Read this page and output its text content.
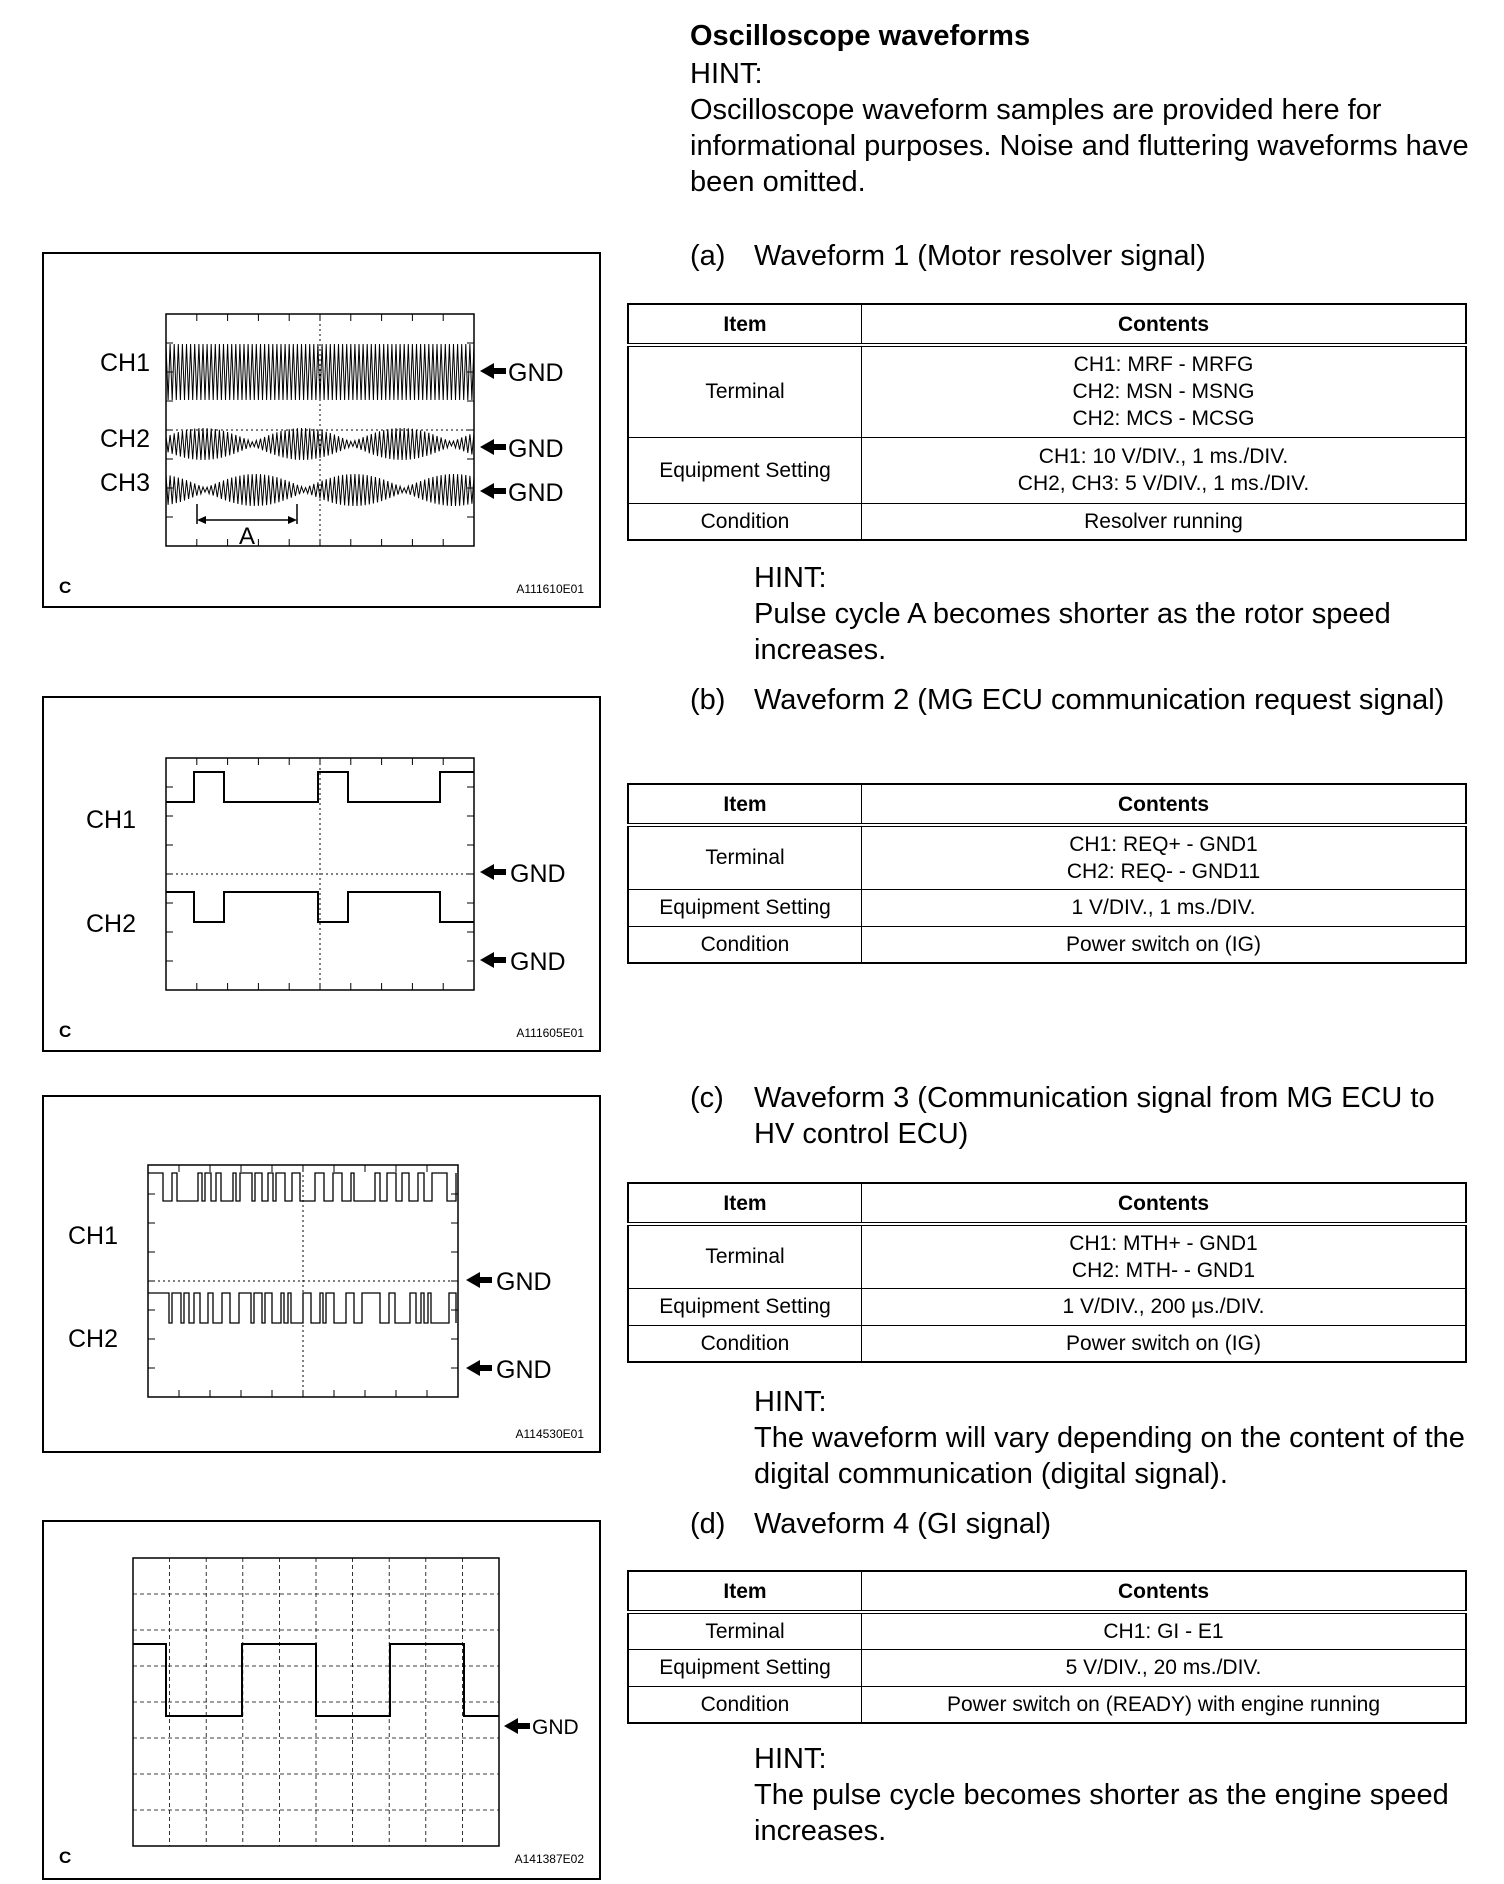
Oscilloscope waveforms
HINT:
Oscilloscope waveform samples are provided here for informational purposes. Noise and fluttering waveforms have been omitted.
(a) Waveform 1 (Motor resolver signal)
Item	Contents
Terminal	CH1: MRF - MRFG
CH2: MSN - MSNG
CH2: MCS - MCSG

Equipment Setting	CH1: 10 V/DIV., 1 ms./DIV.
CH2, CH3: 5 V/DIV., 1 ms./DIV.

Condition	Resolver running
HINT:
Pulse cycle A becomes shorter as the rotor speed increases.
(b) Waveform 2 (MG ECU communication request signal)
Item	Contents
Terminal	CH1: REQ+ - GND1
CH2: REQ- - GND11

Equipment Setting	1 V/DIV., 1 ms./DIV.
Condition	Power switch on (IG)
(c) Waveform 3 (Communication signal from MG ECU to HV control ECU)
Item	Contents
Terminal	CH1: MTH+ - GND1
CH2: MTH- - GND1

Equipment Setting	1 V/DIV., 200 µs./DIV.
Condition	Power switch on (IG)
HINT:
The waveform will vary depending on the content of the digital communication (digital signal).
(d) Waveform 4 (GI signal)
Item	Contents
Terminal	CH1: GI - E1
Equipment Setting	5 V/DIV., 20 ms./DIV.
Condition	Power switch on (READY) with engine running
HINT:
The pulse cycle becomes shorter as the engine speed increases.
CH1
CH2
CH3
GND
GND
GND
A
C	A111610E01
CH1
CH2
GND
GND
C	A111605E01
CH1
CH2
GND
GND
A114530E01
GND
C	A141387E02
